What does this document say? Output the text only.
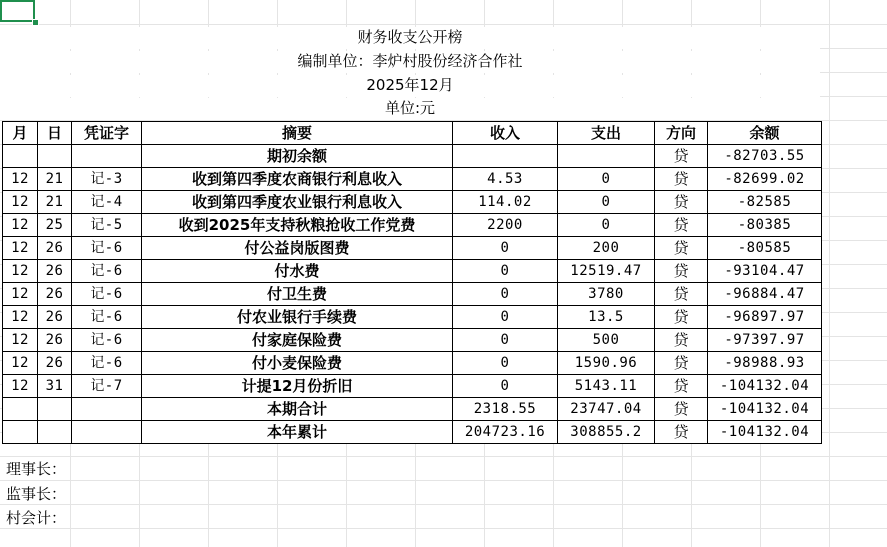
财务收支公开榜
编制单位：李炉村股份经济合作社
2025年12月
单位:元
月	日	凭证字	摘要	收入	支出	方向	余额
			期初余额			贷	-82703.55
12	21	记-3	收到第四季度农商银行利息收入	4.53	0	贷	-82699.02
12	21	记-4	收到第四季度农业银行利息收入	114.02	0	贷	-82585
12	25	记-5	收到2025年支持秋粮抢收工作党费	2200	0	贷	-80385
12	26	记-6	付公益岗版图费	0	200	贷	-80585
12	26	记-6	付水费	0	12519.47	贷	-93104.47
12	26	记-6	付卫生费	0	3780	贷	-96884.47
12	26	记-6	付农业银行手续费	0	13.5	贷	-96897.97
12	26	记-6	付家庭保险费	0	500	贷	-97397.97
12	26	记-6	付小麦保险费	0	1590.96	贷	-98988.93
12	31	记-7	计提12月份折旧	0	5143.11	贷	-104132.04
			本期合计	2318.55	23747.04	贷	-104132.04
			本年累计	204723.16	308855.2	贷	-104132.04
理事长：
监事长：
村会计：
